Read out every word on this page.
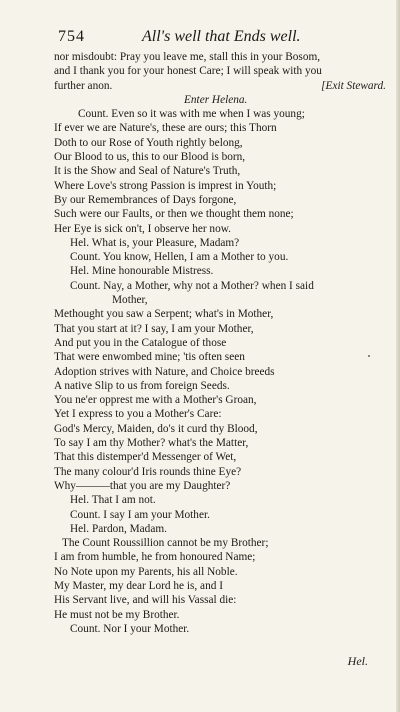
754	All's well that Ends well.
nor misdoubt: Pray you leave me, stall this in your Bosom,
and I thank you for your honest Care; I will speak with you
further anon.	[Exit Steward.
Enter Helena.
Count. Even so it was with me when I was young;
If ever we are Nature's, these are ours; this Thorn
Doth to our Rose of Youth rightly belong,
Our Blood to us, this to our Blood is born,
It is the Show and Seal of Nature's Truth,
Where Love's strong Passion is imprest in Youth;
By our Remembrances of Days forgone,
Such were our Faults, or then we thought them none;
Her Eye is sick on't, I observe her now.
Hel. What is, your Pleasure, Madam?
Count. You know, Hellen, I am a Mother to you.
Hel. Mine honourable Mistress.
Count. Nay, a Mother, why not a Mother? when I said
Mother,
Methought you saw a Serpent; what's in Mother,
That you start at it? I say, I am your Mother,
And put you in the Catalogue of those
That were enwombed mine; 'tis often seen
Adoption strives with Nature, and Choice breeds
A native Slip to us from foreign Seeds.
You ne'er opprest me with a Mother's Groan,
Yet I express to you a Mother's Care:
God's Mercy, Maiden, do's it curd thy Blood,
To say I am thy Mother? what's the Matter,
That this distemper'd Messenger of Wet,
The many colour'd Iris rounds thine Eye?
Why———that you are my Daughter?
Hel. That I am not.
Count. I say I am your Mother.
Hel. Pardon, Madam.
The Count Roussillion cannot be my Brother;
I am from humble, he from honoured Name;
No Note upon my Parents, his all Noble.
My Master, my dear Lord he is, and I
His Servant live, and will his Vassal die:
He must not be my Brother.
Count. Nor I your Mother.
Hel.
